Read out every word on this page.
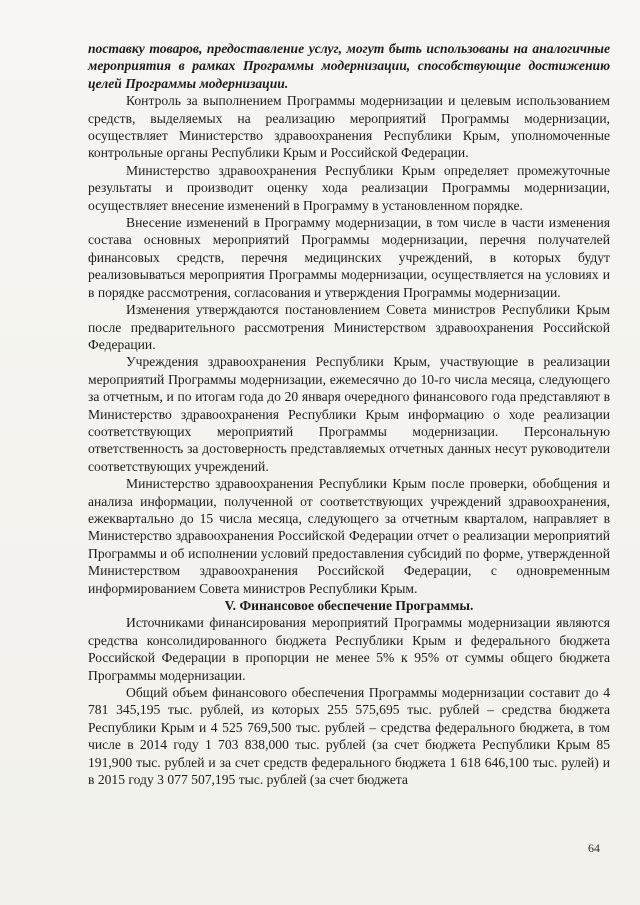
поставку товаров, предоставление услуг, могут быть использованы на аналогичные мероприятия в рамках Программы модернизации, способствующие достижению целей Программы модернизации.

Контроль за выполнением Программы модернизации и целевым использованием средств, выделяемых на реализацию мероприятий Программы модернизации, осуществляет Министерство здравоохранения Республики Крым, уполномоченные контрольные органы Республики Крым и Российской Федерации.

Министерство здравоохранения Республики Крым определяет промежуточные результаты и производит оценку хода реализации Программы модернизации, осуществляет внесение изменений в Программу в установленном порядке.

Внесение изменений в Программу модернизации, в том числе в части изменения состава основных мероприятий Программы модернизации, перечня получателей финансовых средств, перечня медицинских учреждений, в которых будут реализовываться мероприятия Программы модернизации, осуществляется на условиях и в порядке рассмотрения, согласования и утверждения Программы модернизации.

Изменения утверждаются постановлением Совета министров Республики Крым после предварительного рассмотрения Министерством здравоохранения Российской Федерации.

Учреждения здравоохранения Республики Крым, участвующие в реализации мероприятий Программы модернизации, ежемесячно до 10-го числа месяца, следующего за отчетным, и по итогам года до 20 января очередного финансового года представляют в Министерство здравоохранения Республики Крым информацию о ходе реализации соответствующих мероприятий Программы модернизации. Персональную ответственность за достоверность представляемых отчетных данных несут руководители соответствующих учреждений.

Министерство здравоохранения Республики Крым после проверки, обобщения и анализа информации, полученной от соответствующих учреждений здравоохранения, ежеквартально до 15 числа месяца, следующего за отчетным кварталом, направляет в Министерство здравоохранения Российской Федерации отчет о реализации мероприятий Программы и об исполнении условий предоставления субсидий по форме, утвержденной Министерством здравоохранения Российской Федерации, с одновременным информированием Совета министров Республики Крым.

V. Финансовое обеспечение Программы.

Источниками финансирования мероприятий Программы модернизации являются средства консолидированного бюджета Республики Крым и федерального бюджета Российской Федерации в пропорции не менее 5% к 95% от суммы общего бюджета Программы модернизации.

Общий объем финансового обеспечения Программы модернизации составит до 4 781 345,195 тыс. рублей, из которых 255 575,695 тыс. рублей – средства бюджета Республики Крым и 4 525 769,500 тыс. рублей – средства федерального бюджета, в том числе в 2014 году 1 703 838,000 тыс. рублей (за счет бюджета Республики Крым 85 191,900 тыс. рублей и за счет средств федерального бюджета 1 618 646,100 тыс. рулей) и в 2015 году 3 077 507,195 тыс. рублей (за счет бюджета

64
